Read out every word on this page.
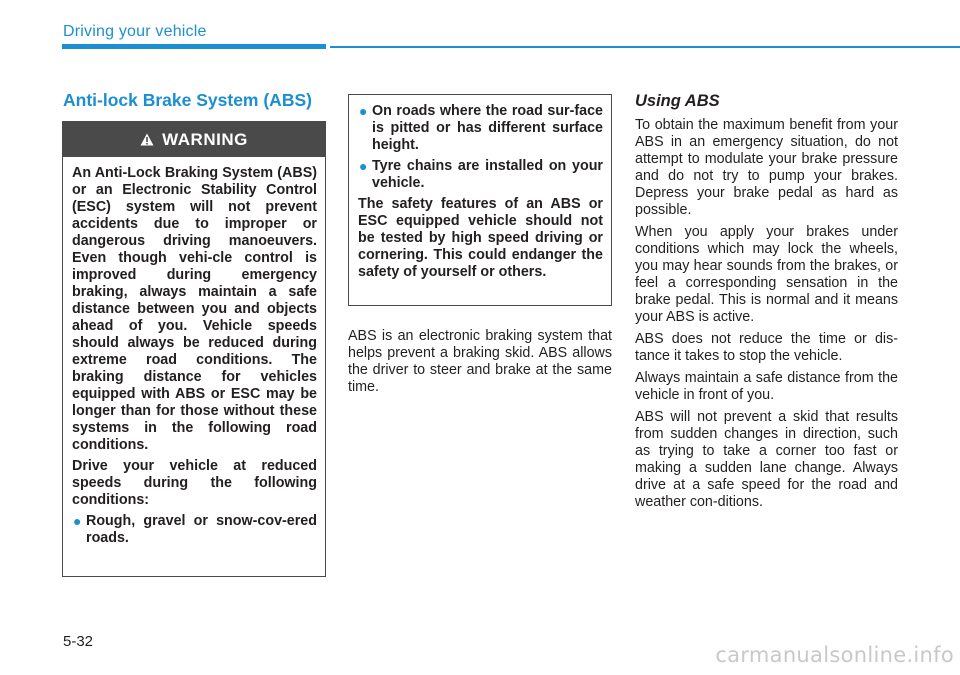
Driving your vehicle
Anti-lock Brake System (ABS)
WARNING

An Anti-Lock Braking System (ABS) or an Electronic Stability Control (ESC) system will not prevent accidents due to improper or dangerous driving manoeuvers. Even though vehi-cle control is improved during emergency braking, always maintain a safe distance between you and objects ahead of you. Vehicle speeds should always be reduced during extreme road conditions. The braking distance for vehicles equipped with ABS or ESC may be longer than for those without these systems in the following road conditions.

Drive your vehicle at reduced speeds during the following conditions:

● Rough, gravel or snow-cov-ered roads.
● On roads where the road sur-face is pitted or has different surface height.
● Tyre chains are installed on your vehicle.

The safety features of an ABS or ESC equipped vehicle should not be tested by high speed driving or cornering. This could endanger the safety of yourself or others.

ABS is an electronic braking system that helps prevent a braking skid. ABS allows the driver to steer and brake at the same time.

Using ABS

To obtain the maximum benefit from your ABS in an emergency situation, do not attempt to modulate your brake pressure and do not try to pump your brakes. Depress your brake pedal as hard as possible.

When you apply your brakes under conditions which may lock the wheels, you may hear sounds from the brakes, or feel a corresponding sensation in the brake pedal. This is normal and it means your ABS is active.

ABS does not reduce the time or dis-tance it takes to stop the vehicle.

Always maintain a safe distance from the vehicle in front of you.

ABS will not prevent a skid that results from sudden changes in direction, such as trying to take a corner too fast or making a sudden lane change. Always drive at a safe speed for the road and weather con-ditions.

5-32
carmanualsonline.info
